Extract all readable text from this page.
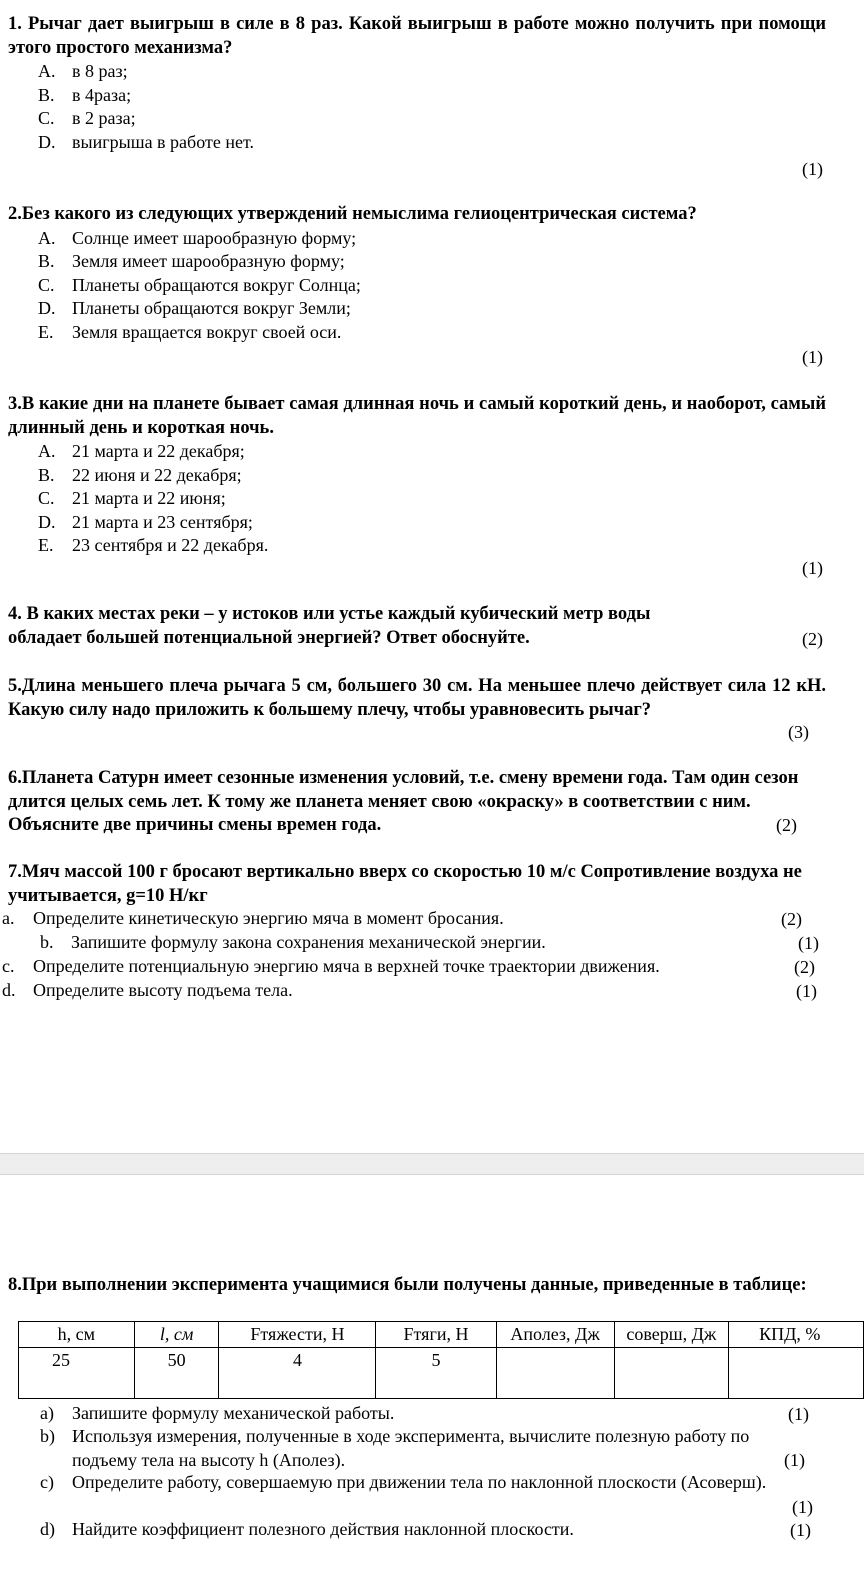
1. Рычаг дает выигрыш в силе в 8 раз. Какой выигрыш в работе можно получить при помощи этого простого механизма?
A. в 8 раз;
B. в 4раза;
C. в 2 раза;
D. выигрыша в работе нет.
(1)
2.Без какого из следующих утверждений немыслима гелиоцентрическая система?
A. Солнце имеет шарообразную форму;
B. Земля имеет шарообразную форму;
C. Планеты обращаются вокруг Солнца;
D. Планеты обращаются вокруг Земли;
E. Земля вращается вокруг своей оси.
(1)
3.В какие дни на планете бывает самая длинная ночь и самый короткий день, и наоборот, самый длинный день и короткая ночь.
A. 21 марта и 22 декабря;
B. 22 июня и 22 декабря;
C. 21 марта и 22 июня;
D. 21 марта и 23 сентября;
E. 23 сентября и 22 декабря.
(1)
4. В каких местах реки – у истоков или устье каждый кубический метр воды
обладает большей потенциальной энергией? Ответ обоснуйте.	(2)
5.Длина меньшего плеча рычага 5 см, большего 30 см. На меньшее плечо действует сила 12 кН. Какую силу надо приложить к большему плечу, чтобы уравновесить рычаг?
(3)
6.Планета Сатурн имеет сезонные изменения условий, т.е. смену времени года. Там один сезон длится целых семь лет. К тому же планета меняет свою «окраску» в соответствии с ним. Объясните две причины смены времен года.	(2)
7.Мяч массой 100 г бросают вертикально вверх со скоростью 10 м/с Сопротивление воздуха не учитывается, g=10 Н/кг
a. Определите кинетическую энергию мяча в момент бросания.	(2)
b. Запишите формулу закона сохранения механической энергии.	(1)
c. Определите потенциальную энергию мяча в верхней точке траектории движения.	(2)
d. Определите высоту подъема тела.	(1)
8.При выполнении эксперимента учащимися были получены данные, приведенные в таблице:
h, см	l, см	Fтяжести, Н	Fтяги, Н	Аполез, Дж	соверш, Дж	КПД, %
25	50	4	5			
a) Запишите формулу механической работы.	(1)
b) Используя измерения, полученные в ходе эксперимента, вычислите полезную работу по подъему тела на высоту h (Аполез).	(1)
c) Определите работу, совершаемую при движении тела по наклонной плоскости (Асоверш).
(1)
d) Найдите коэффициент полезного действия наклонной плоскости.	(1)
